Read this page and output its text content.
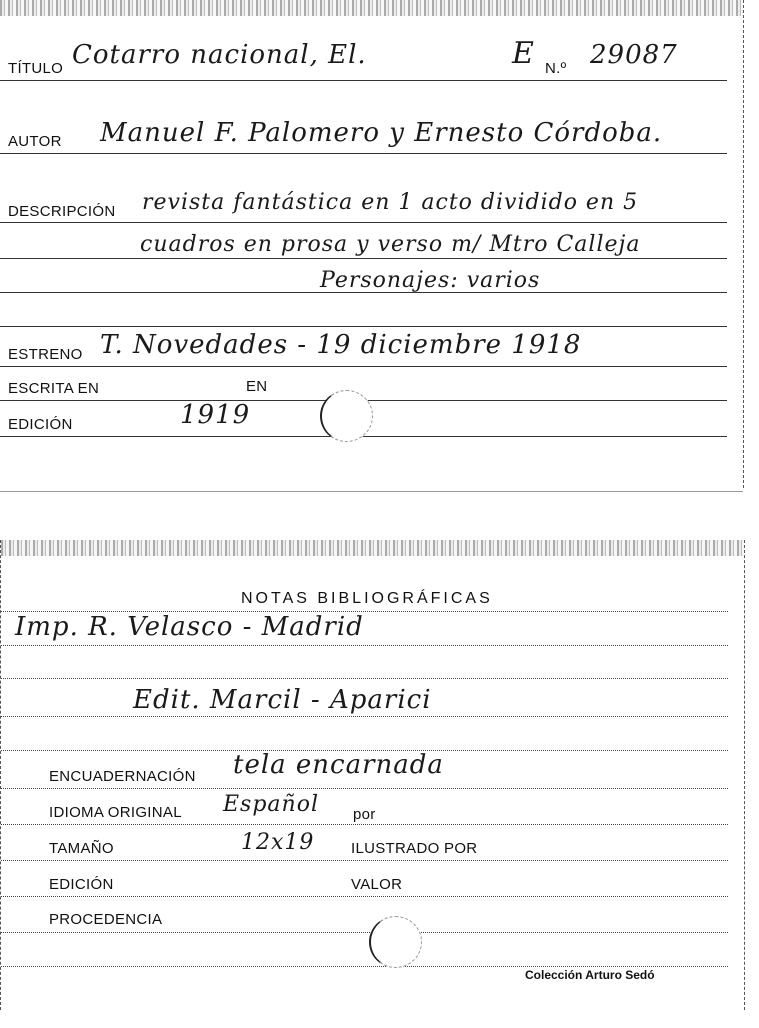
TÍTULO Cotarro nacional, El.	E N.º 29087
AUTOR Manuel F. Palomero y Ernesto Córdoba.
DESCRIPCIÓN revista fantástica en 1 acto dividido en 5
cuadros en prosa y verso m/ Mtro Calleja
Personajes: varios
ESTRENO T. Novedades - 19 diciembre 1918
ESCRITA EN	EN
EDICIÓN	1919
NOTAS BIBLIOGRÁFICAS
Imp. R. Velasco - Madrid
Edit. Marcil - Aparici
ENCUADERNACIÓN tela encarnada
IDIOMA ORIGINAL Español por
TAMAÑO	12x19 ILUSTRADO POR
EDICIÓN	VALOR
PROCEDENCIA
Colección Arturo Sedó
